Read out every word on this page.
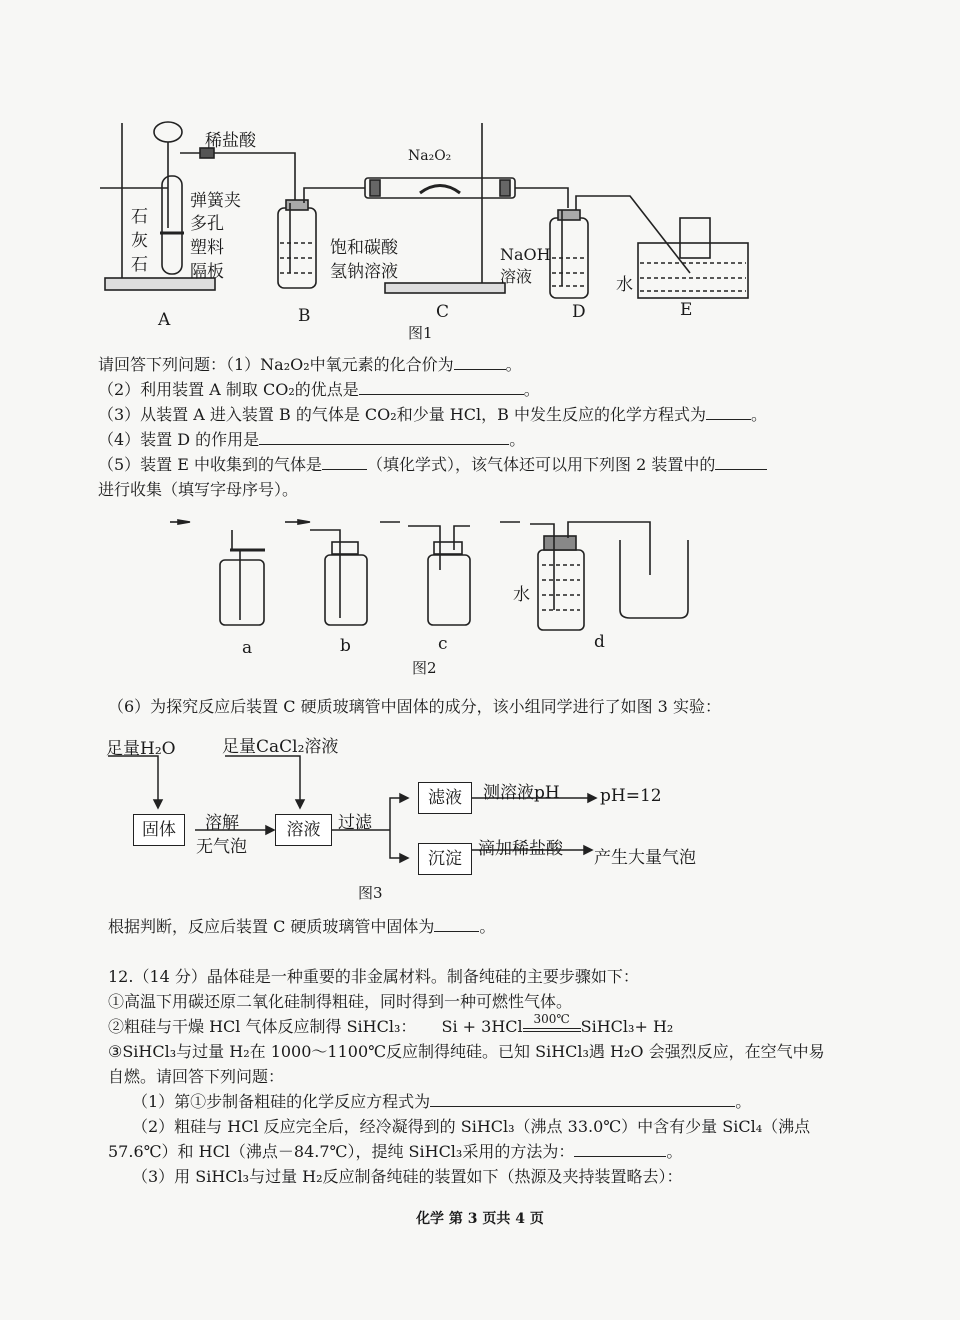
稀盐酸
弹簧夹
石
灰
石
多孔
塑料
隔板
Na₂O₂
饱和碳酸
氢钠溶液
NaOH
溶液	水
A	B	C	D	E
图1
请回答下列问题：（1）Na₂O₂中氧元素的化合价为	。
（2）利用装置 A 制取 CO₂的优点是	。
（3）从装置 A 进入装置 B 的气体是 CO₂和少量 HCl，B 中发生反应的化学方程式为	。
（4）装置 D 的作用是	。
（5）装置 E 中收集到的气体是	（填化学式），该气体还可以用下列图 2 装置中的
进行收集（填写字母序号）。
水
a	b	c	d
图2
（6）为探究反应后装置 C 硬质玻璃管中固体的成分，该小组同学进行了如图 3 实验：
足量H₂O	足量CaCl₂溶液
固体	溶解
无气泡
溶液	过滤
滤液	测溶液pH pH=12
沉淀 滴加稀盐酸 产生大量气泡
图3
根据判断，反应后装置 C 硬质玻璃管中固体为	。
12.（14 分）晶体硅是一种重要的非金属材料。制备纯硅的主要步骤如下：
①高温下用碳还原二氧化硅制得粗硅，同时得到一种可燃性气体。
②粗硅与干燥 HCl 气体反应制得 SiHCl₃： Si + 3HCl 300℃ SiHCl₃+ H₂
③SiHCl₃与过量 H₂在 1000～1100℃反应制得纯硅。已知 SiHCl₃遇 H₂O 会强烈反应，在空气中易
自燃。请回答下列问题：
（1）第①步制备粗硅的化学反应方程式为	。
（2）粗硅与 HCl 反应完全后，经冷凝得到的 SiHCl₃（沸点 33.0℃）中含有少量 SiCl₄（沸点
57.6℃）和 HCl（沸点－84.7℃），提纯 SiHCl₃采用的方法为：	。
（3）用 SiHCl₃与过量 H₂反应制备纯硅的装置如下（热源及夹持装置略去）：
化学 第 3 页共 4 页
